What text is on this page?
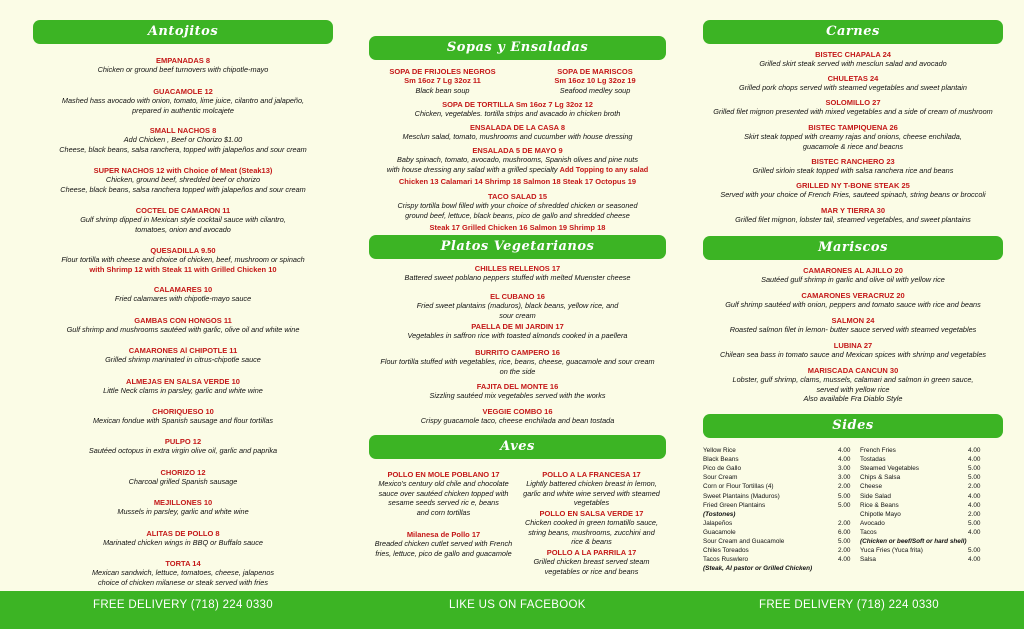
Antojitos
EMPANADAS 8
Chicken or ground beef turnovers with chipotle-mayo
GUACAMOLE 12
Mashed hass avocado with onion, tomato, lime juice, cilantro and jalapeño,
prepared in authentic molcajete
SMALL NACHOS 8
Add Chicken , Beef or Chorizo $1.00
Cheese, black beans, salsa ranchera, topped with jalapeños and sour cream
SUPER NACHOS 12 with Choice of Meat (Steak13)
Chicken, ground beef, shredded beef or chorizo
Cheese, black beans, salsa ranchera topped with jalapeños and sour cream
COCTEL DE CAMARON 11
Gulf shrimp dipped in Mexican style cocktail sauce with cilantro,
tomatoes, onion and avocado
QUESADILLA 9.50
Flour tortilla with cheese and choice of chicken, beef, mushroom or spinach
with Shrimp 12 with Steak 11 with Grilled Chicken 10
CALAMARES 10
Fried calamares with chipotle-mayo sauce
GAMBAS CON HONGOS 11
Gulf shrimp and mushrooms sautéed with garlic, olive oil and white wine
CAMARONES Al CHIPOTLE 11
Grilled shrimp marinated in citrus-chipotle sauce
ALMEJAS EN SALSA VERDE 10
Little Neck clams in parsley, garlic and white wine
CHORIQUESO 10
Mexican fondue with Spanish sausage and flour tortillas
PULPO 12
Sautéed octopus in extra virgin olive oil, garlic and paprika
CHORIZO 12
Charcoal grilled Spanish sausage
MEJILLONES 10
Mussels in parsley, garlic and white wine
ALITAS DE POLLO 8
Marinated chicken wings in BBQ or Buffalo sauce
TORTA 14
Mexican sandwich, lettuce, tomatoes, cheese, jalapenos
choice of chicken milanese or steak served with fries
Sopas y Ensaladas
SOPA DE FRIJOLES NEGROS
Sm 16oz 7 Lg 32oz 11
Black bean soup
SOPA DE MARISCOS
Sm 16oz 10 Lg 32oz 19
Seafood medley soup
SOPA DE TORTILLA Sm 16oz 7 Lg 32oz 12
Chicken, vegetables. tortilla strips and avacado in chicken broth
ENSALADA DE LA CASA 8
Mesclun salad, tomato, mushrooms and cucumber with house dressing
ENSALADA 5 DE MAYO 9
Baby spinach, tomato, avocado, mushrooms, Spanish olives and pine nuts
with house dressing any salad with a grilled specialty Add Topping to any salad
Chicken 13 Calamari 14 Shrimp 18 Salmon 18 Steak 17 Octopus 19
TACO SALAD 15
Crispy tortilla bowl filled with your choice of shredded chicken or seasoned
ground beef, lettuce, black beans, pico de gallo and shredded cheese
Steak 17 Grilled Chicken 16 Salmon 19 Shrimp 18
Platos Vegetarianos
CHILLES RELLENOS 17
Battered sweet poblano peppers stuffed with melted Muenster cheese
EL CUBANO 16
Fried sweet plantains (maduros), black beans, yellow rice, and
sour cream
PAELLA DE MI JARDIN 17
Vegetables in saffron rice with toasted almonds cooked in a paellera
BURRITO CAMPERO 16
Flour tortilla stuffed with vegetables, rice, beans, cheese, guacamole and sour cream
on the side
FAJITA DEL MONTE 16
Sizzling sautéed mix vegetables served with the works
VEGGIE COMBO 16
Crispy guacamole taco, cheese enchilada and bean tostada
Aves
POLLO EN MOLE POBLANO 17
Mexico's century old chile and chocolate
sauce over sautéed chicken topped with
sesame seeds served ric e, beans
and corn tortillas
Milanesa de Pollo 17
Breaded chicken cutlet served with French
fries, lettuce, pico de gallo and guacamole
POLLO A LA FRANCESA 17
Lightly battered chicken breast in lemon,
garlic and white wine served with steamed
vegetables
POLLO EN SALSA VERDE 17
Chicken cooked in green tomatillo sauce,
string beans, mushrooms, zucchini and
rice & beans
POLLO A LA PARRILA 17
Grilled chicken breast served steam
vegetables or rice and beans
Carnes
BISTEC CHAPALA 24
Grilled skirt steak served with mesclun salad and avocado
CHULETAS 24
Grilled pork chops served with steamed vegetables and sweet plantain
SOLOMILLO 27
Grilled filet mignon presented with mixed vegetables and a side of cream of mushroom
BISTEC TAMPIQUENA 26
Skirt steak topped with creamy rajas and onions, cheese enchilada,
guacamole & riece and beacns
BISTEC RANCHERO 23
Grilled sirloin steak topped with salsa ranchera rice and beans
GRILLED NY T-BONE STEAK 25
Served with your choice of French Fries, sauteed spinach, string beans or broccoli
MAR Y TIERRA 30
Grilled filet mignon, lobster tail, steamed vegetables, and sweet plantains
Mariscos
CAMARONES AL AJILLO 20
Sautéed gulf shrimp in garlic and olive oil with yellow rice
CAMARONES VERACRUZ 20
Gulf shrimp sautéed with onion, peppers and tomato sauce with rice and beans
SALMON 24
Roasted salmon filet in lemon- butter sauce served with steamed vegetables
LUBINA 27
Chilean sea bass in tomato sauce and Mexican spices with shrimp and vegetables
MARISCADA CANCUN 30
Lobster, gulf shrimp, clams, mussels, calamari and salmon in green sauce,
served with yellow rice
Also available Fra Diablo Style
Sides
Yellow Rice	4.00
Black Beans	4.00
Pico de Gallo	3.00
Sour Cream	3.00
Corn or Flour Tortillas (4)	2.00
Sweet Plantains (Maduros)	5.00
Fried Green Plantains	5.00
(Tostones)
Jalapeños	2.00
Guacamole	6.00
Sour Cream and Guacamole	5.00
Chiles Toreados	2.00
Tacos Ruswlero	4.00
(Steak, Al pastor or Grilled Chicken)
French Fries	4.00
Tostadas	4.00
Steamed Vegetables	5.00
Chips & Salsa	5.00
Cheese	2.00
Side Salad	4.00
Rice & Beans	4.00
Chipotle Mayo	2.00
Avocado	5.00
Tacos	4.00
(Chicken or beef/Soft or hard shell)
Yuca Fries (Yuca frita)	5.00
Salsa	4.00
FREE DELIVERY (718) 224 0330	LIKE US ON FACEBOOK	FREE DELIVERY (718) 224 0330
